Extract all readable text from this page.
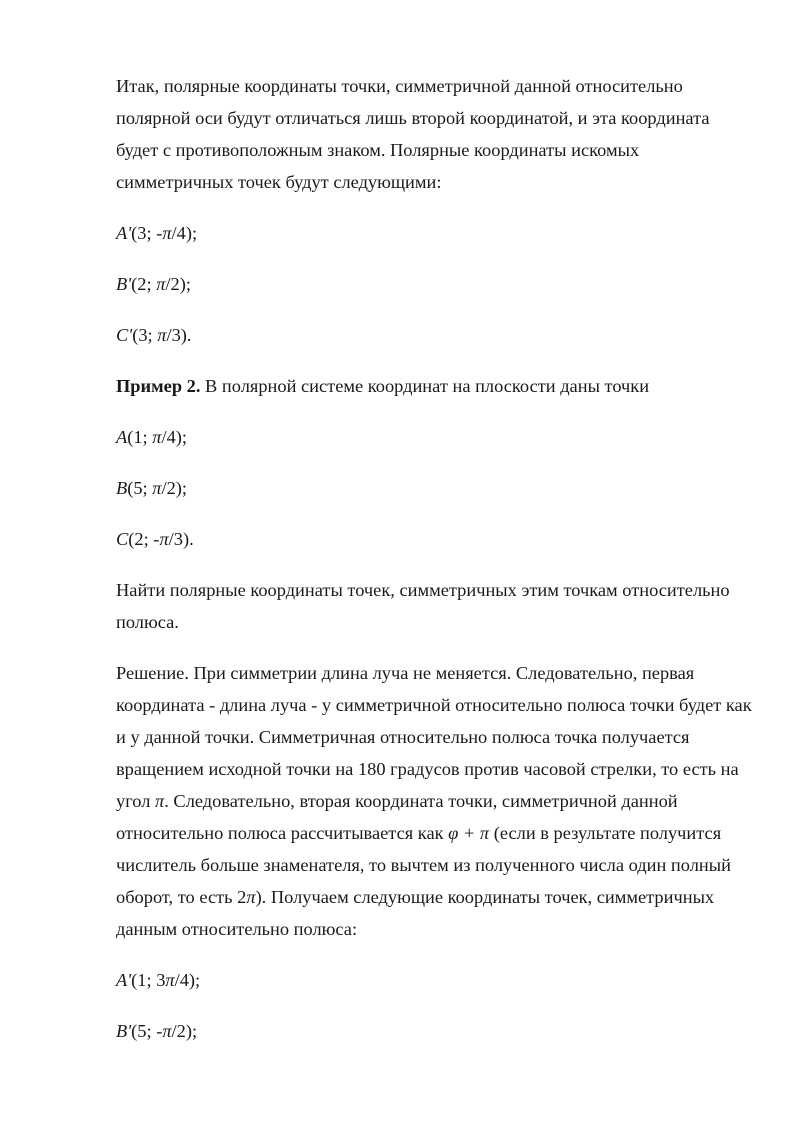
Итак, полярные координаты точки, симметричной данной относительно полярной оси будут отличаться лишь второй координатой, и эта координата будет с противоположным знаком. Полярные координаты искомых симметричных точек будут следующими:

A'(3; -π/4);

B'(2; π/2);

C'(3; π/3).

Пример 2. В полярной системе координат на плоскости даны точки

A(1; π/4);

B(5; π/2);

C(2; -π/3).

Найти полярные координаты точек, симметричных этим точкам относительно полюса.

Решение. При симметрии длина луча не меняется. Следовательно, первая координата - длина луча - у симметричной относительно полюса точки будет как и у данной точки. Симметричная относительно полюса точка получается вращением исходной точки на 180 градусов против часовой стрелки, то есть на угол π. Следовательно, вторая координата точки, симметричной данной относительно полюса рассчитывается как φ + π (если в результате получится числитель больше знаменателя, то вычтем из полученного числа один полный оборот, то есть 2π). Получаем следующие координаты точек, симметричных данным относительно полюса:

A'(1; 3π/4);

B'(5; -π/2);
